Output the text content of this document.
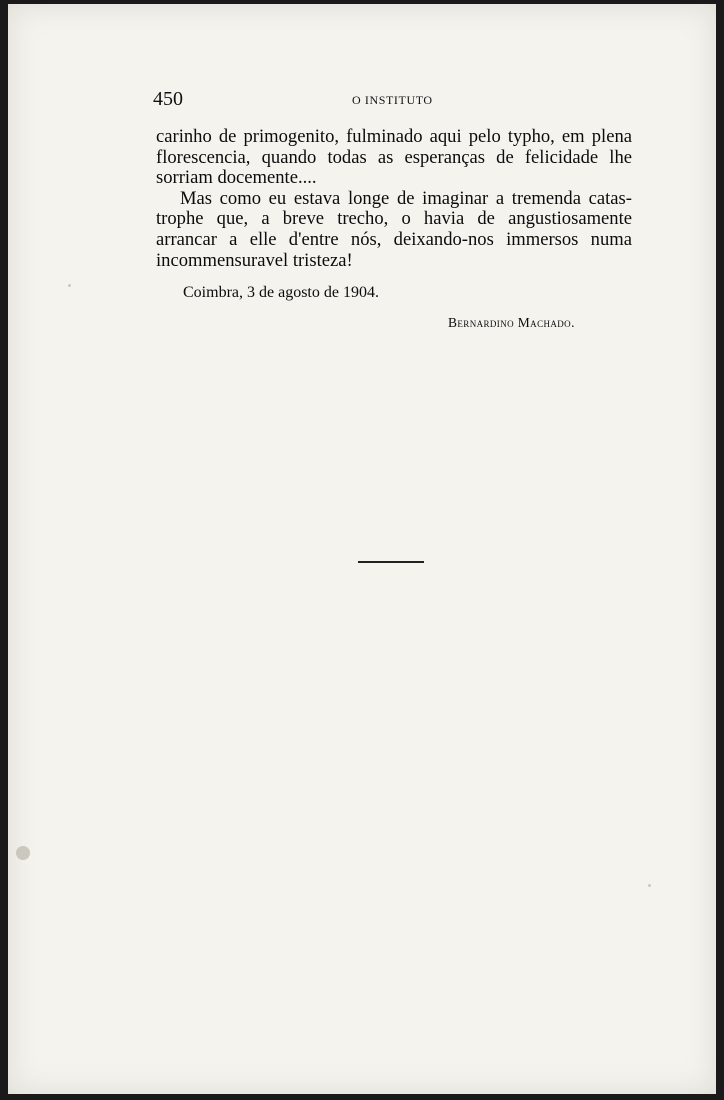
450	O INSTITUTO
carinho de primogenito, fulminado aqui pelo typho, em plena
florescencia, quando todas as esperanças de felicidade lhe
sorriam docemente....
Mas como eu estava longe de imaginar a tremenda catas-
trophe que, a breve trecho, o havia de angustiosamente
arrancar a elle d'entre nós, deixando-nos immersos numa
incommensuravel tristeza!
Coimbra, 3 de agosto de 1904.
Bernardino Machado.
